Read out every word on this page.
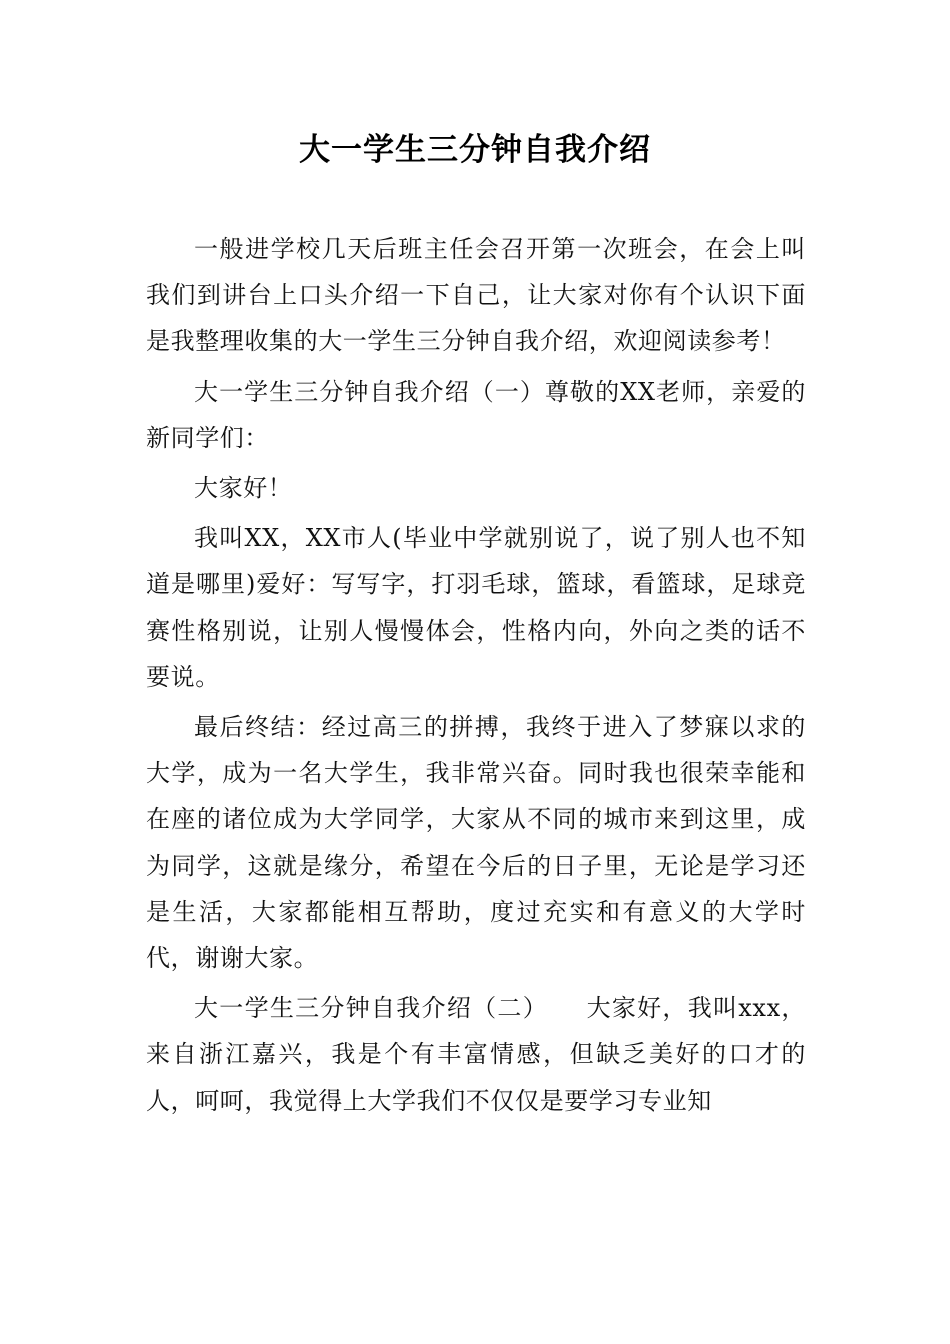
大一学生三分钟自我介绍

一般进学校几天后班主任会召开第一次班会，在会上叫我们到讲台上口头介绍一下自己，让大家对你有个认识下面是我整理收集的大一学生三分钟自我介绍，欢迎阅读参考！

大一学生三分钟自我介绍（一）尊敬的XX老师，亲爱的新同学们：

大家好！

我叫XX，XX市人(毕业中学就别说了，说了别人也不知道是哪里)爱好：写写字，打羽毛球，篮球，看篮球，足球竞赛性格别说，让别人慢慢体会，性格内向，外向之类的话不要说。

最后终结：经过高三的拼搏，我终于进入了梦寐以求的大学，成为一名大学生，我非常兴奋。同时我也很荣幸能和在座的诸位成为大学同学，大家从不同的城市来到这里，成为同学，这就是缘分，希望在今后的日子里，无论是学习还是生活，大家都能相互帮助，度过充实和有意义的大学时代，谢谢大家。

大一学生三分钟自我介绍（二）　　大家好，我叫xxx，来自浙江嘉兴，我是个有丰富情感，但缺乏美好的口才的人，呵呵，我觉得上大学我们不仅仅是要学习专业知
